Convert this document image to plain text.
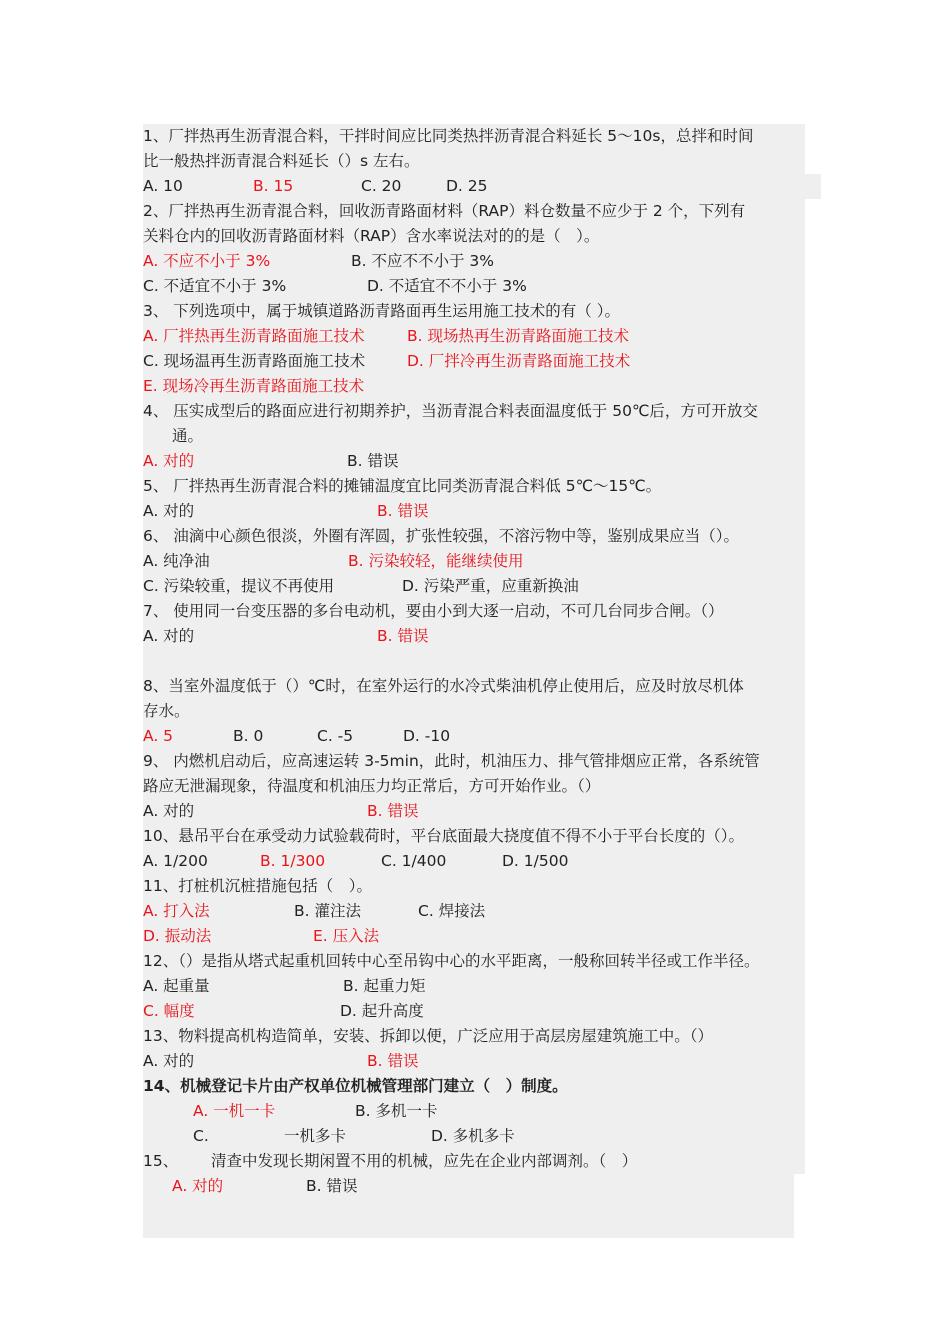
1、厂拌热再生沥青混合料，干拌时间应比同类热拌沥青混合料延长 5～10s，总拌和时间
比一般热拌沥青混合料延长（）s 左右。
A. 10	B. 15	C. 20	D. 25
2、厂拌热再生沥青混合料，回收沥青路面材料（RAP）料仓数量不应少于 2 个，下列有
关料仓内的回收沥青路面材料（RAP）含水率说法对的的是（　）。
A. 不应不小于 3%	B. 不应不不小于 3%
C. 不适宜不小于 3%	D. 不适宜不不小于 3%
3、 下列选项中，属于城镇道路沥青路面再生运用施工技术的有（ ）。
A. 厂拌热再生沥青路面施工技术	B. 现场热再生沥青路面施工技术
C. 现场温再生沥青路面施工技术	D. 厂拌冷再生沥青路面施工技术
E. 现场冷再生沥青路面施工技术
4、 压实成型后的路面应进行初期养护，当沥青混合料表面温度低于 50℃后，方可开放交
通。
A. 对的	B. 错误
5、 厂拌热再生沥青混合料的摊铺温度宜比同类沥青混合料低 5℃～15℃。
A. 对的	B. 错误
6、 油滴中心颜色很淡，外圈有浑圆，扩张性较强，不溶污物中等，鉴别成果应当（）。
A. 纯净油	B. 污染较轻，能继续使用
C. 污染较重，提议不再使用	D. 污染严重，应重新换油
7、 使用同一台变压器的多台电动机，要由小到大逐一启动，不可几台同步合闸。（）
A. 对的	B. 错误
8、当室外温度低于（）℃时，在室外运行的水冷式柴油机停止使用后，应及时放尽机体
存水。
A. 5	B. 0	C. -5	D. -10
9、 内燃机启动后，应高速运转 3-5min，此时，机油压力、排气管排烟应正常，各系统管
路应无泄漏现象，待温度和机油压力均正常后，方可开始作业。（）
A. 对的	B. 错误
10、悬吊平台在承受动力试验载荷时，平台底面最大挠度值不得不小于平台长度的（）。
A. 1/200	B. 1/300	C. 1/400	D. 1/500
11、打桩机沉桩措施包括（　）。
A. 打入法	B. 灌注法	C. 焊接法
D. 振动法	E. 压入法
12、（）是指从塔式起重机回转中心至吊钩中心的水平距离，一般称回转半径或工作半径。
A. 起重量	B. 起重力矩
C. 幅度	D. 起升高度
13、物料提高机构造简单，安装、拆卸以便，广泛应用于高层房屋建筑施工中。（）
A. 对的	B. 错误
14、机械登记卡片由产权单位机械管理部门建立（　）制度。
A. 一机一卡	B. 多机一卡
C.	一机多卡	D. 多机多卡
15、 清查中发现长期闲置不用的机械，应先在企业内部调剂。（　）
A. 对的	B. 错误
